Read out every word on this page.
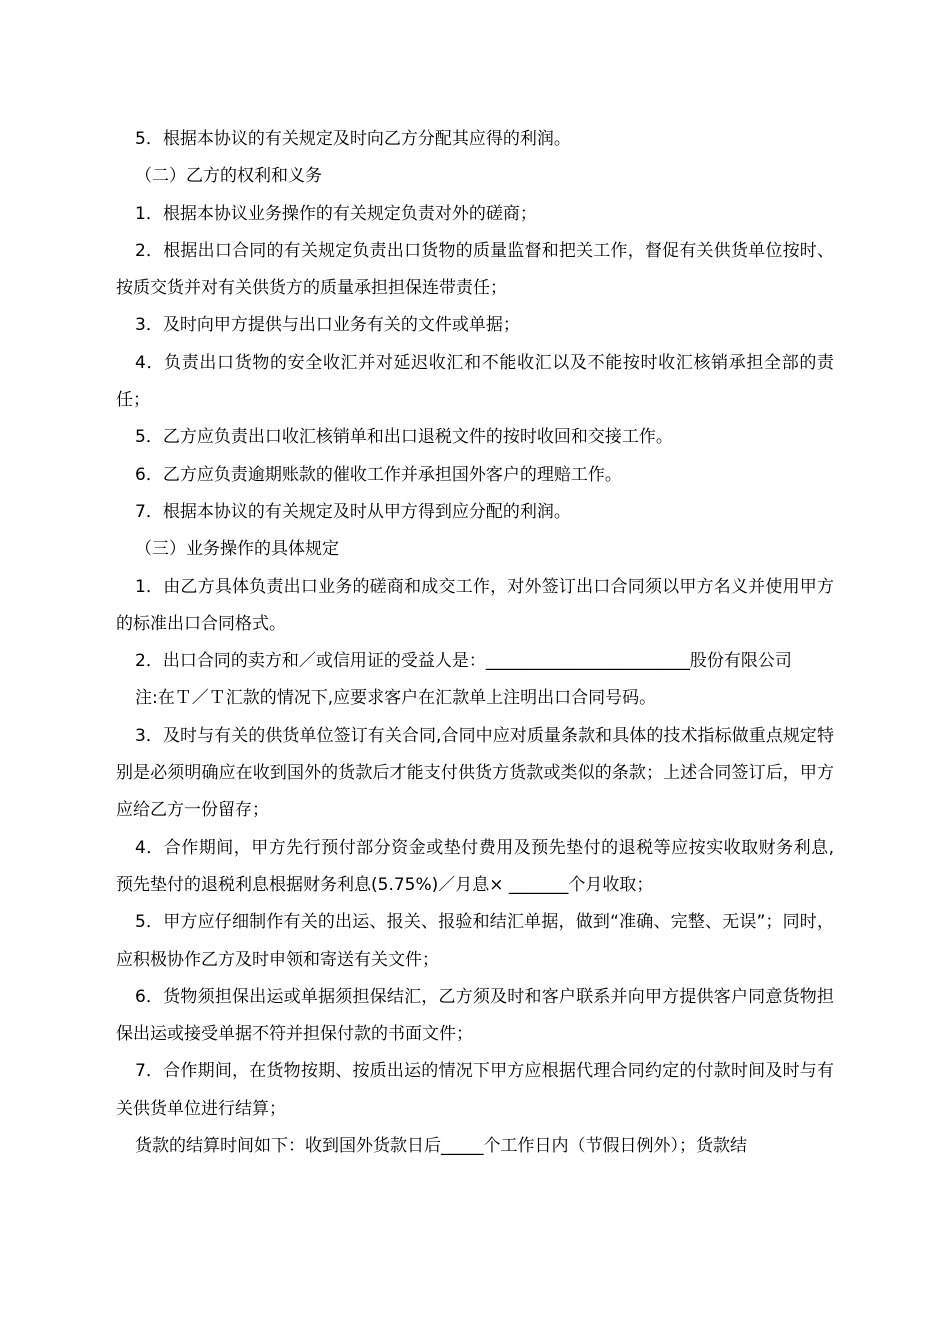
5．根据本协议的有关规定及时向乙方分配其应得的利润。

（二）乙方的权利和义务

1．根据本协议业务操作的有关规定负责对外的磋商；

2．根据出口合同的有关规定负责出口货物的质量监督和把关工作，督促有关供货单位按时、按质交货并对有关供货方的质量承担担保连带责任；

3．及时向甲方提供与出口业务有关的文件或单据；

4．负责出口货物的安全收汇并对延迟收汇和不能收汇以及不能按时收汇核销承担全部的责任；

5．乙方应负责出口收汇核销单和出口退税文件的按时收回和交接工作。

6．乙方应负责逾期账款的催收工作并承担国外客户的理赔工作。

7．根据本协议的有关规定及时从甲方得到应分配的利润。

（三）业务操作的具体规定

1．由乙方具体负责出口业务的磋商和成交工作，对外签订出口合同须以甲方名义并使用甲方的标准出口合同格式。

2．出口合同的卖方和／或信用证的受益人是：________________________股份有限公司

注:在Ｔ／Ｔ汇款的情况下,应要求客户在汇款单上注明出口合同号码。

3．及时与有关的供货单位签订有关合同,合同中应对质量条款和具体的技术指标做重点规定特别是必须明确应在收到国外的货款后才能支付供货方货款或类似的条款；上述合同签订后，甲方应给乙方一份留存；

4．合作期间，甲方先行预付部分资金或垫付费用及预先垫付的退税等应按实收取财务利息, 预先垫付的退税利息根据财务利息(5.75%)／月息× _______个月收取；

5．甲方应仔细制作有关的出运、报关、报验和结汇单据，做到“准确、完整、无误”；同时，应积极协作乙方及时申领和寄送有关文件；

6．货物须担保出运或单据须担保结汇，乙方须及时和客户联系并向甲方提供客户同意货物担保出运或接受单据不符并担保付款的书面文件；

7．合作期间，在货物按期、按质出运的情况下甲方应根据代理合同约定的付款时间及时与有关供货单位进行结算；

货款的结算时间如下：收到国外货款日后_____个工作日内（节假日例外）；货款结
